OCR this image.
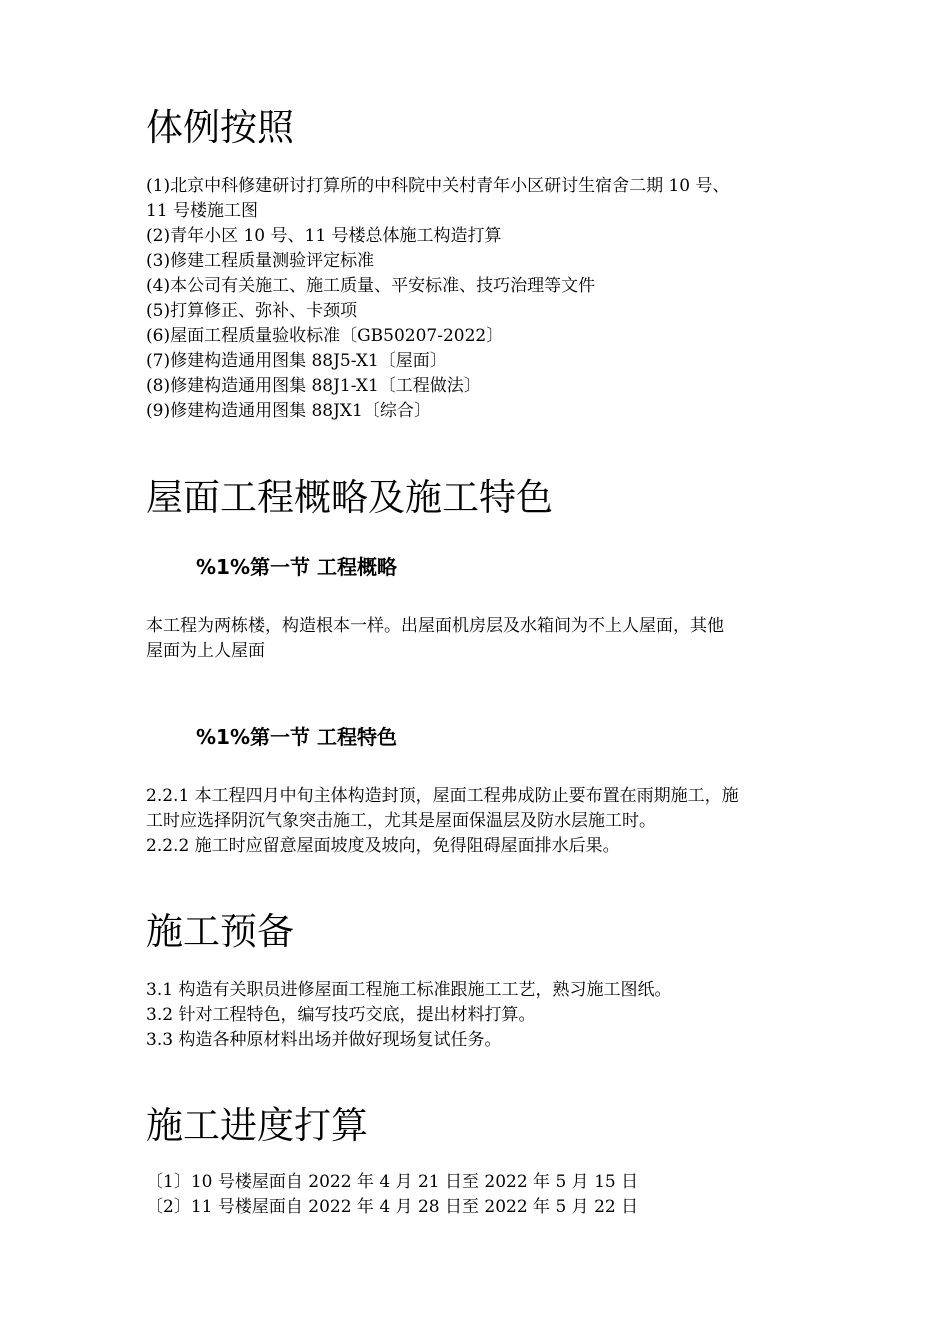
体例按照
(1)北京中科修建研讨打算所的中科院中关村青年小区研讨生宿舍二期 10 号、
11 号楼施工图
(2)青年小区 10 号、11 号楼总体施工构造打算
(3)修建工程质量测验评定标准
(4)本公司有关施工、施工质量、平安标准、技巧治理等文件
(5)打算修正、弥补、卡颈项
(6)屋面工程质量验收标准〔GB50207-2022〕
(7)修建构造通用图集 88J5-X1〔屋面〕
(8)修建构造通用图集 88J1-X1〔工程做法〕
(9)修建构造通用图集 88JX1〔综合〕
屋面工程概略及施工特色
%1%第一节 工程概略
本工程为两栋楼，构造根本一样。出屋面机房层及水箱间为不上人屋面，其他
屋面为上人屋面
%1%第一节 工程特色
2.2.1 本工程四月中旬主体构造封顶，屋面工程弗成防止要布置在雨期施工，施
工时应选择阴沉气象突击施工，尤其是屋面保温层及防水层施工时。
2.2.2 施工时应留意屋面坡度及坡向，免得阻碍屋面排水后果。
施工预备
3.1 构造有关职员进修屋面工程施工标准跟施工工艺，熟习施工图纸。
3.2 针对工程特色，编写技巧交底，提出材料打算。
3.3 构造各种原材料出场并做好现场复试任务。
施工进度打算
〔1〕10 号楼屋面自 2022 年 4 月 21 日至 2022 年 5 月 15 日
〔2〕11 号楼屋面自 2022 年 4 月 28 日至 2022 年 5 月 22 日
